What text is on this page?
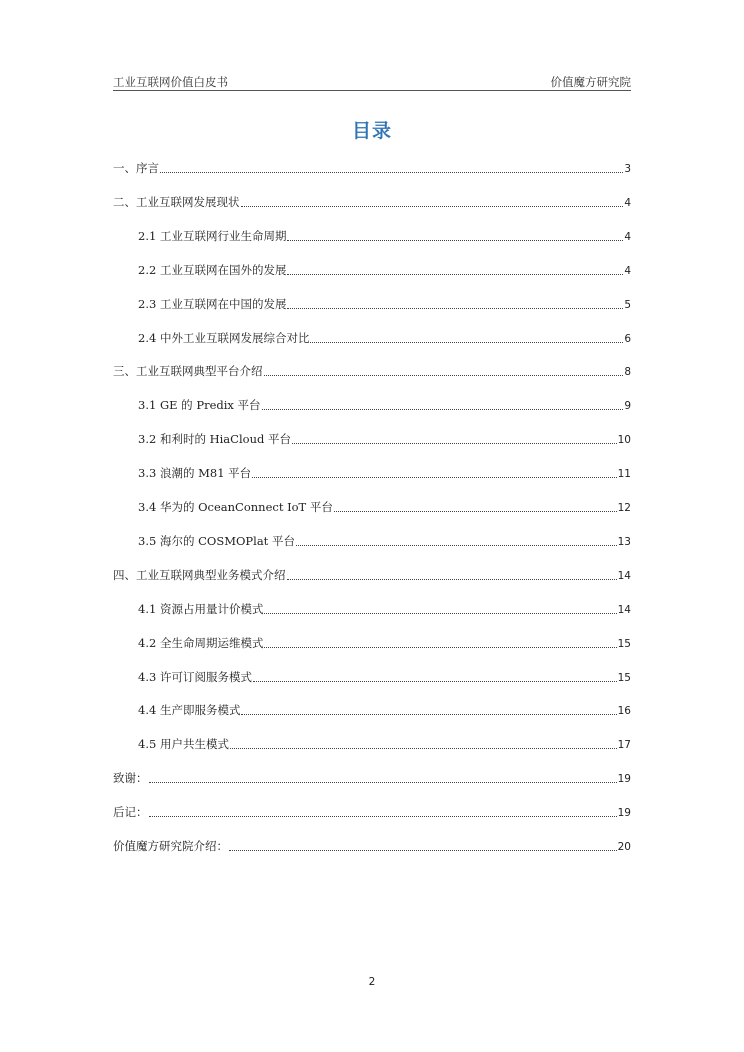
工业互联网价值白皮书	价值魔方研究院
目录
一、序言	3
二、工业互联网发展现状	4
2.1 工业互联网行业生命周期	4
2.2 工业互联网在国外的发展	4
2.3 工业互联网在中国的发展	5
2.4 中外工业互联网发展综合对比	6
三、工业互联网典型平台介绍	8
3.1 GE 的 Predix 平台	9
3.2 和利时的 HiaCloud 平台	10
3.3 浪潮的 M81 平台	11
3.4 华为的 OceanConnect IoT 平台	12
3.5 海尔的 COSMOPlat 平台	13
四、工业互联网典型业务模式介绍	14
4.1 资源占用量计价模式	14
4.2 全生命周期运维模式	15
4.3 许可订阅服务模式	15
4.4 生产即服务模式	16
4.5 用户共生模式	17
致谢：	19
后记：	19
价值魔方研究院介绍：	20
2
